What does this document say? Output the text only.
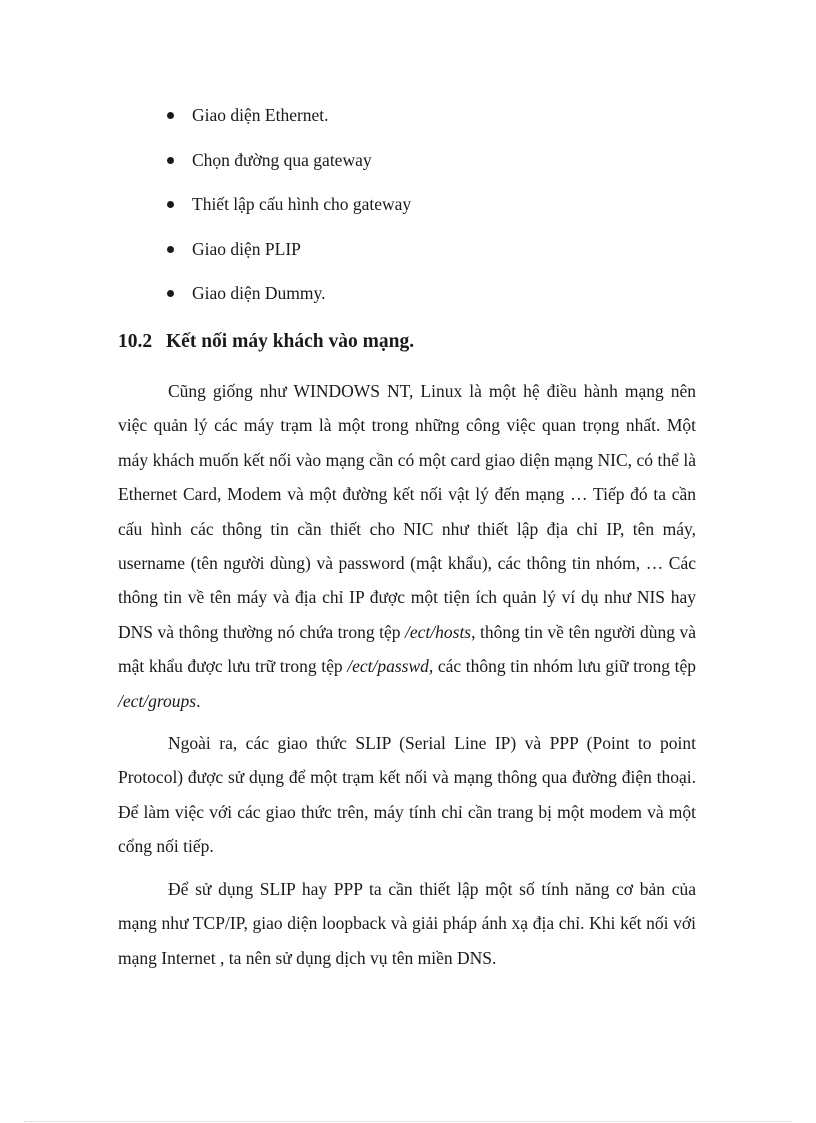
Giao diện Ethernet.
Chọn đường qua gateway
Thiết lập cấu hình cho gateway
Giao diện PLIP
Giao diện Dummy.
10.2 Kết nối máy khách vào mạng.

Cũng giống như WINDOWS NT, Linux là một hệ điều hành mạng nên việc quản lý các máy trạm là một trong những công việc quan trọng nhất. Một máy khách muốn kết nối vào mạng cần có một card giao diện mạng NIC, có thể là Ethernet Card, Modem và một đường kết nối vật lý đến mạng … Tiếp đó ta cần cấu hình các thông tin cần thiết cho NIC như thiết lập địa chỉ IP, tên máy, username (tên người dùng) và password (mật khẩu), các thông tin nhóm, … Các thông tin về tên máy và địa chỉ IP được một tiện ích quản lý ví dụ như NIS hay DNS và thông thường nó chứa trong tệp /ect/hosts, thông tin về tên người dùng và mật khẩu được lưu trữ trong tệp /ect/passwd, các thông tin nhóm lưu giữ trong tệp /ect/groups.

Ngoài ra, các giao thức SLIP (Serial Line IP) và PPP (Point to point Protocol) được sử dụng để một trạm kết nối và mạng thông qua đường điện thoại. Để làm việc với các giao thức trên, máy tính chỉ cần trang bị một modem và một cổng nối tiếp.

Để sử dụng SLIP hay PPP ta cần thiết lập một số tính năng cơ bản của mạng như TCP/IP, giao diện loopback và giải pháp ánh xạ địa chỉ. Khi kết nối với mạng Internet , ta nên sử dụng dịch vụ tên miền DNS.
